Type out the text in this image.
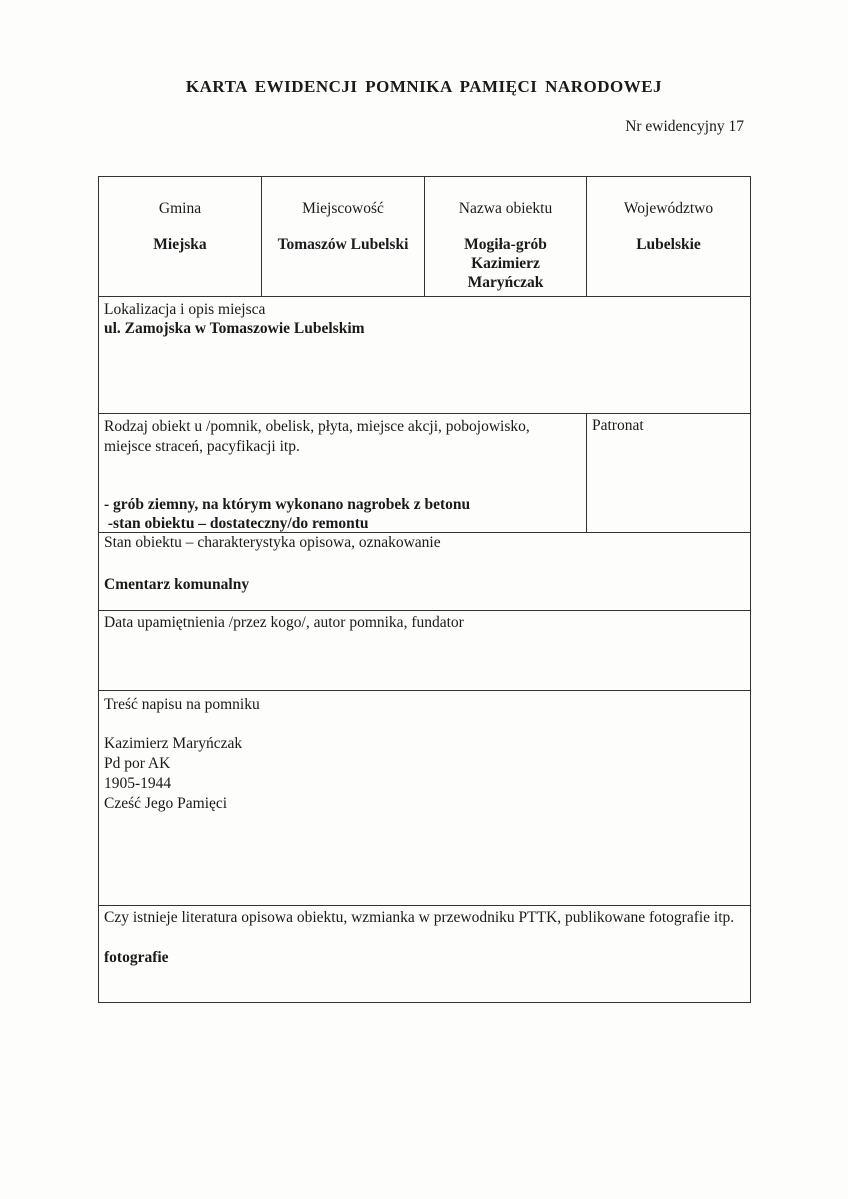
KARTA EWIDENCJI POMNIKA PAMIĘCI NARODOWEJ
Nr ewidencyjny 17
Gmina
Miejska
Miejscowość
Tomaszów Lubelski
Nazwa obiektu
Mogiła-grób
Kazimierz
Maryńczak
Województwo
Lubelskie
Lokalizacja i opis miejsca
ul. Zamojska w Tomaszowie Lubelskim
Rodzaj obiekt u /pomnik, obelisk, płyta, miejsce akcji, pobojowisko, miejsce straceń, pacyfikacji itp.
- grób ziemny, na którym wykonano nagrobek z betonu
-stan obiektu – dostateczny/do remontu
Patronat
Stan obiektu – charakterystyka opisowa, oznakowanie
Cmentarz komunalny
Data upamiętnienia /przez kogo/, autor pomnika, fundator
Treść napisu na pomniku
Kazimierz Maryńczak
Pd por AK
1905-1944
Cześć Jego Pamięci
Czy istnieje literatura opisowa obiektu, wzmianka w przewodniku PTTK, publikowane fotografie itp.
fotografie
